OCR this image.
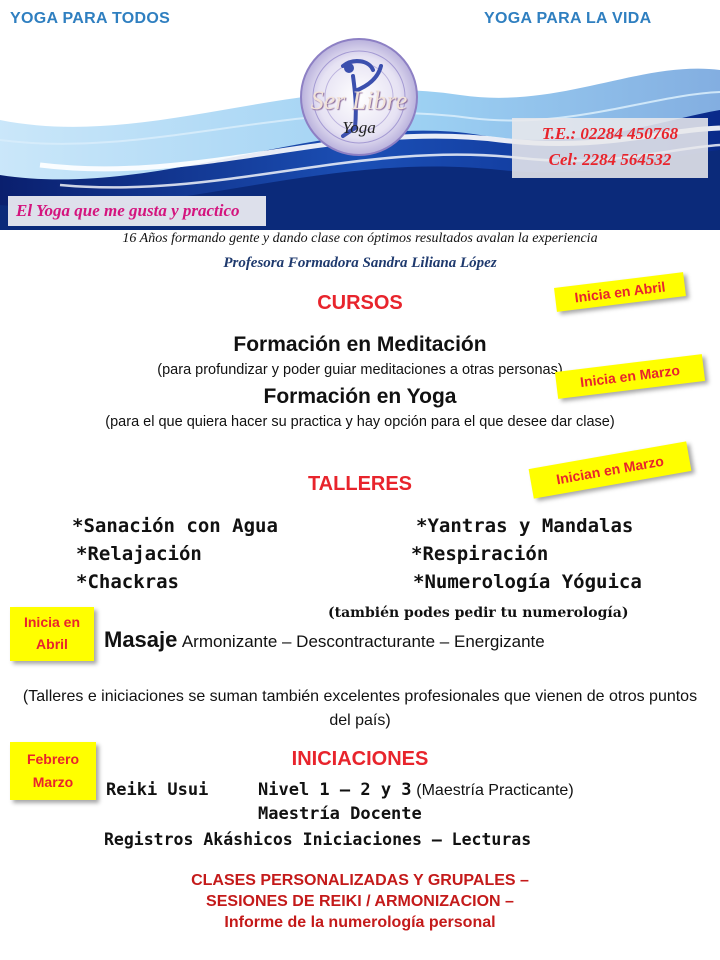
YOGA PARA TODOS	YOGA PARA LA VIDA
Ser Libre
Yoga	T.E.: 02284 450768
Cel: 2284 564532
El Yoga que me gusta y practico
16 Años formando gente y dando clase con óptimos resultados avalan la experiencia
Profesora Formadora Sandra Liliana López
CURSOS	Inicia en Abril
Formación en Meditación
(para profundizar y poder guiar meditaciones a otras personas)
Formación en Yoga
(para el que quiera hacer su practica y hay opción para el que desee dar clase)
Inicia en Marzo
TALLERES	Inician en Marzo
*Sanación con Agua
*Relajación
*Chackras
*Yantras y Mandalas
*Respiración
*Numerología Yóguica
(también podes pedir tu numerología)
Inicia en Abril	Masaje Armonizante – Descontracturante – Energizante
(Talleres e iniciaciones se suman también excelentes profesionales que vienen de otros puntos del país)
INICIACIONES
Febrero Marzo	Reiki Usui	Nivel 1 – 2 y 3 (Maestría Practicante)
Maestría Docente
Registros Akáshicos Iniciaciones – Lecturas
CLASES PERSONALIZADAS Y GRUPALES –
SESIONES DE REIKI / ARMONIZACION –
Informe de la numerología personal
